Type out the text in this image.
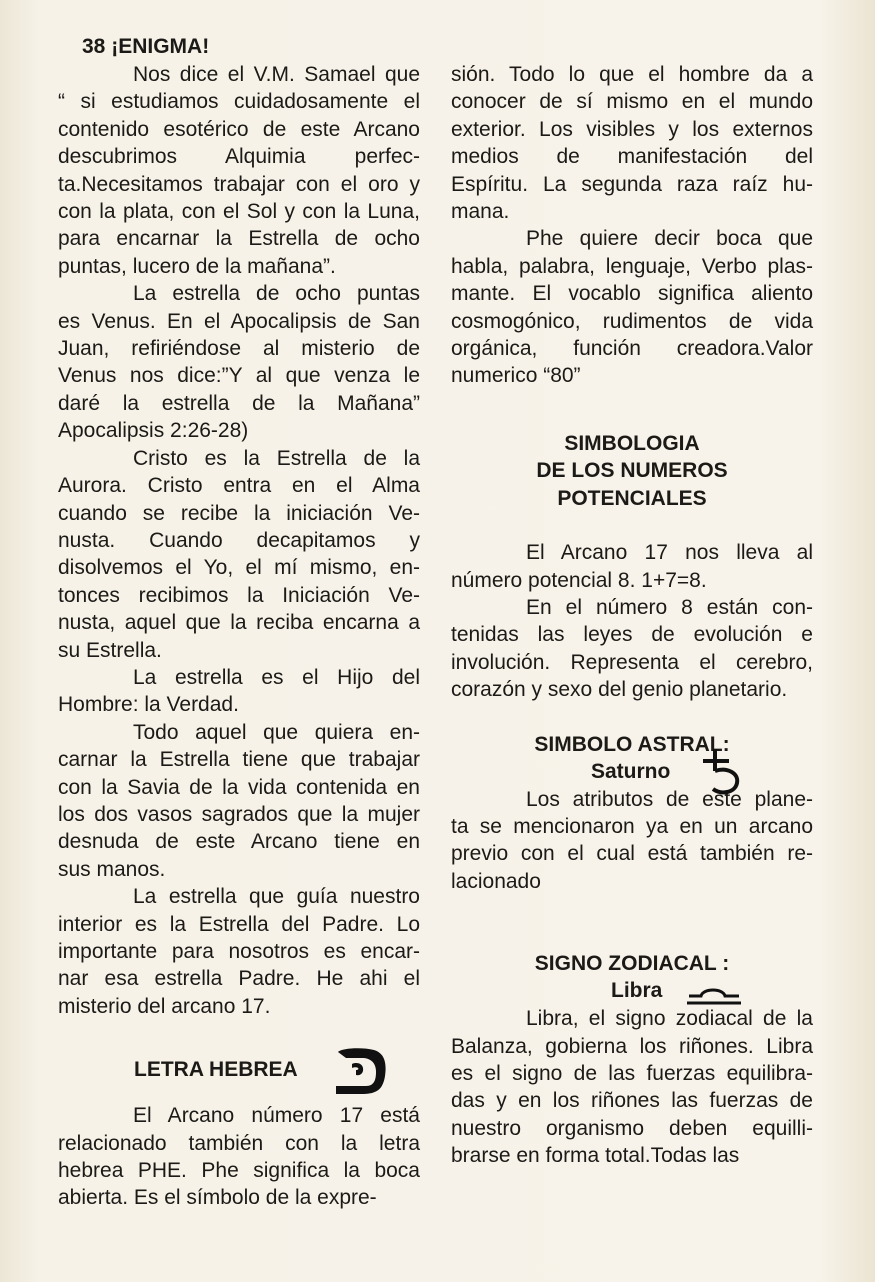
38 ¡ENIGMA!

Nos dice el V.M. Samael que
“ si estudiamos cuidadosamente el
contenido esotérico de este Arcano
descubrimos Alquimia perfec-
ta.Necesitamos trabajar con el oro y
con la plata, con el Sol y con la Luna,
para encarnar la Estrella de ocho
puntas, lucero de la mañana”.

La estrella de ocho puntas
es Venus. En el Apocalipsis de San
Juan, refiriéndose al misterio de
Venus nos dice:”Y al que venza le
daré la estrella de la Mañana”
Apocalipsis 2:26-28)

Cristo es la Estrella de la
Aurora. Cristo entra en el Alma
cuando se recibe la iniciación Ve-
nusta. Cuando decapitamos y
disolvemos el Yo, el mí mismo, en-
tonces recibimos la Iniciación Ve-
nusta, aquel que la reciba encarna a
su Estrella.

La estrella es el Hijo del
Hombre: la Verdad.

Todo aquel que quiera en-
carnar la Estrella tiene que trabajar
con la Savia de la vida contenida en
los dos vasos sagrados que la mujer
desnuda de este Arcano tiene en
sus manos.

La estrella que guía nuestro
interior es la Estrella del Padre. Lo
importante para nosotros es encar-
nar esa estrella Padre. He ahi el
misterio del arcano 17.

LETRA HEBREA

El Arcano número 17 está
relacionado también con la letra
hebrea PHE. Phe significa la boca
abierta. Es el símbolo de la expre-

sión. Todo lo que el hombre da a
conocer de sí mismo en el mundo
exterior. Los visibles y los externos
medios de manifestación del
Espíritu. La segunda raza raíz hu-
mana.

Phe quiere decir boca que
habla, palabra, lenguaje, Verbo plas-
mante. El vocablo significa aliento
cosmogónico, rudimentos de vida
orgánica, función creadora.Valor
numerico “80”

SIMBOLOGIA
DE LOS NUMEROS
POTENCIALES

El Arcano 17 nos lleva al
número potencial 8. 1+7=8.

En el número 8 están con-
tenidas las leyes de evolución e
involución. Representa el cerebro,
corazón y sexo del genio planetario.

SIMBOLO ASTRAL:
Saturno

Los atributos de este plane-
ta se mencionaron ya en un arcano
previo con el cual está también re-
lacionado

SIGNO ZODIACAL :
Libra

Libra, el signo zodiacal de la
Balanza, gobierna los riñones. Libra
es el signo de las fuerzas equilibra-
das y en los riñones las fuerzas de
nuestro organismo deben equilli-
brarse en forma total.Todas las
